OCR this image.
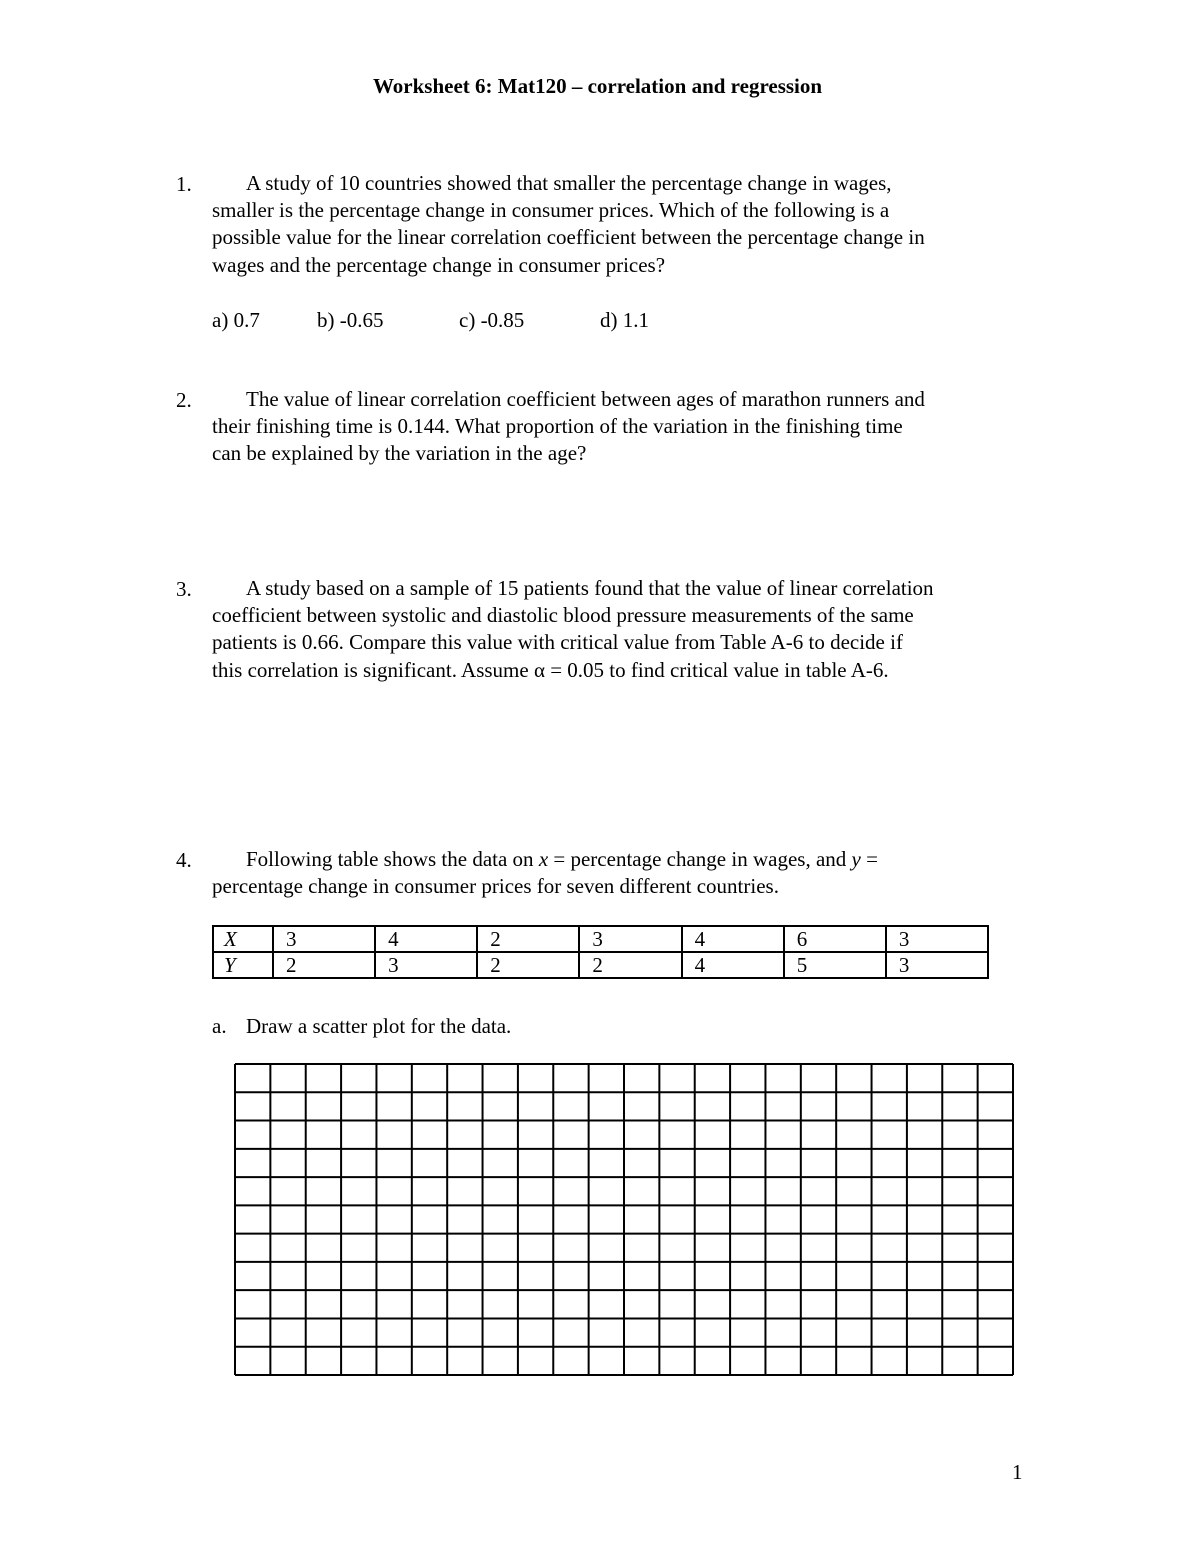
Worksheet 6: Mat120 – correlation and regression
1.	A study of 10 countries showed that smaller the percentage change in wages,
smaller is the percentage change in consumer prices. Which of the following is a
possible value for the linear correlation coefficient between the percentage change in
wages and the percentage change in consumer prices?
a) 0.7	b) -0.65	c) -0.85	d) 1.1
2.	The value of linear correlation coefficient between ages of marathon runners and
their finishing time is 0.144. What proportion of the variation in the finishing time
can be explained by the variation in the age?
3.	A study based on a sample of 15 patients found that the value of linear correlation
coefficient between systolic and diastolic blood pressure measurements of the same
patients is 0.66. Compare this value with critical value from Table A-6 to decide if
this correlation is significant. Assume α = 0.05 to find critical value in table A-6.
4.	Following table shows the data on x = percentage change in wages, and y =
percentage change in consumer prices for seven different countries.
X	3	4	2	3	4	6	3
Y	2	3	2	2	4	5	3
a. Draw a scatter plot for the data.
1
